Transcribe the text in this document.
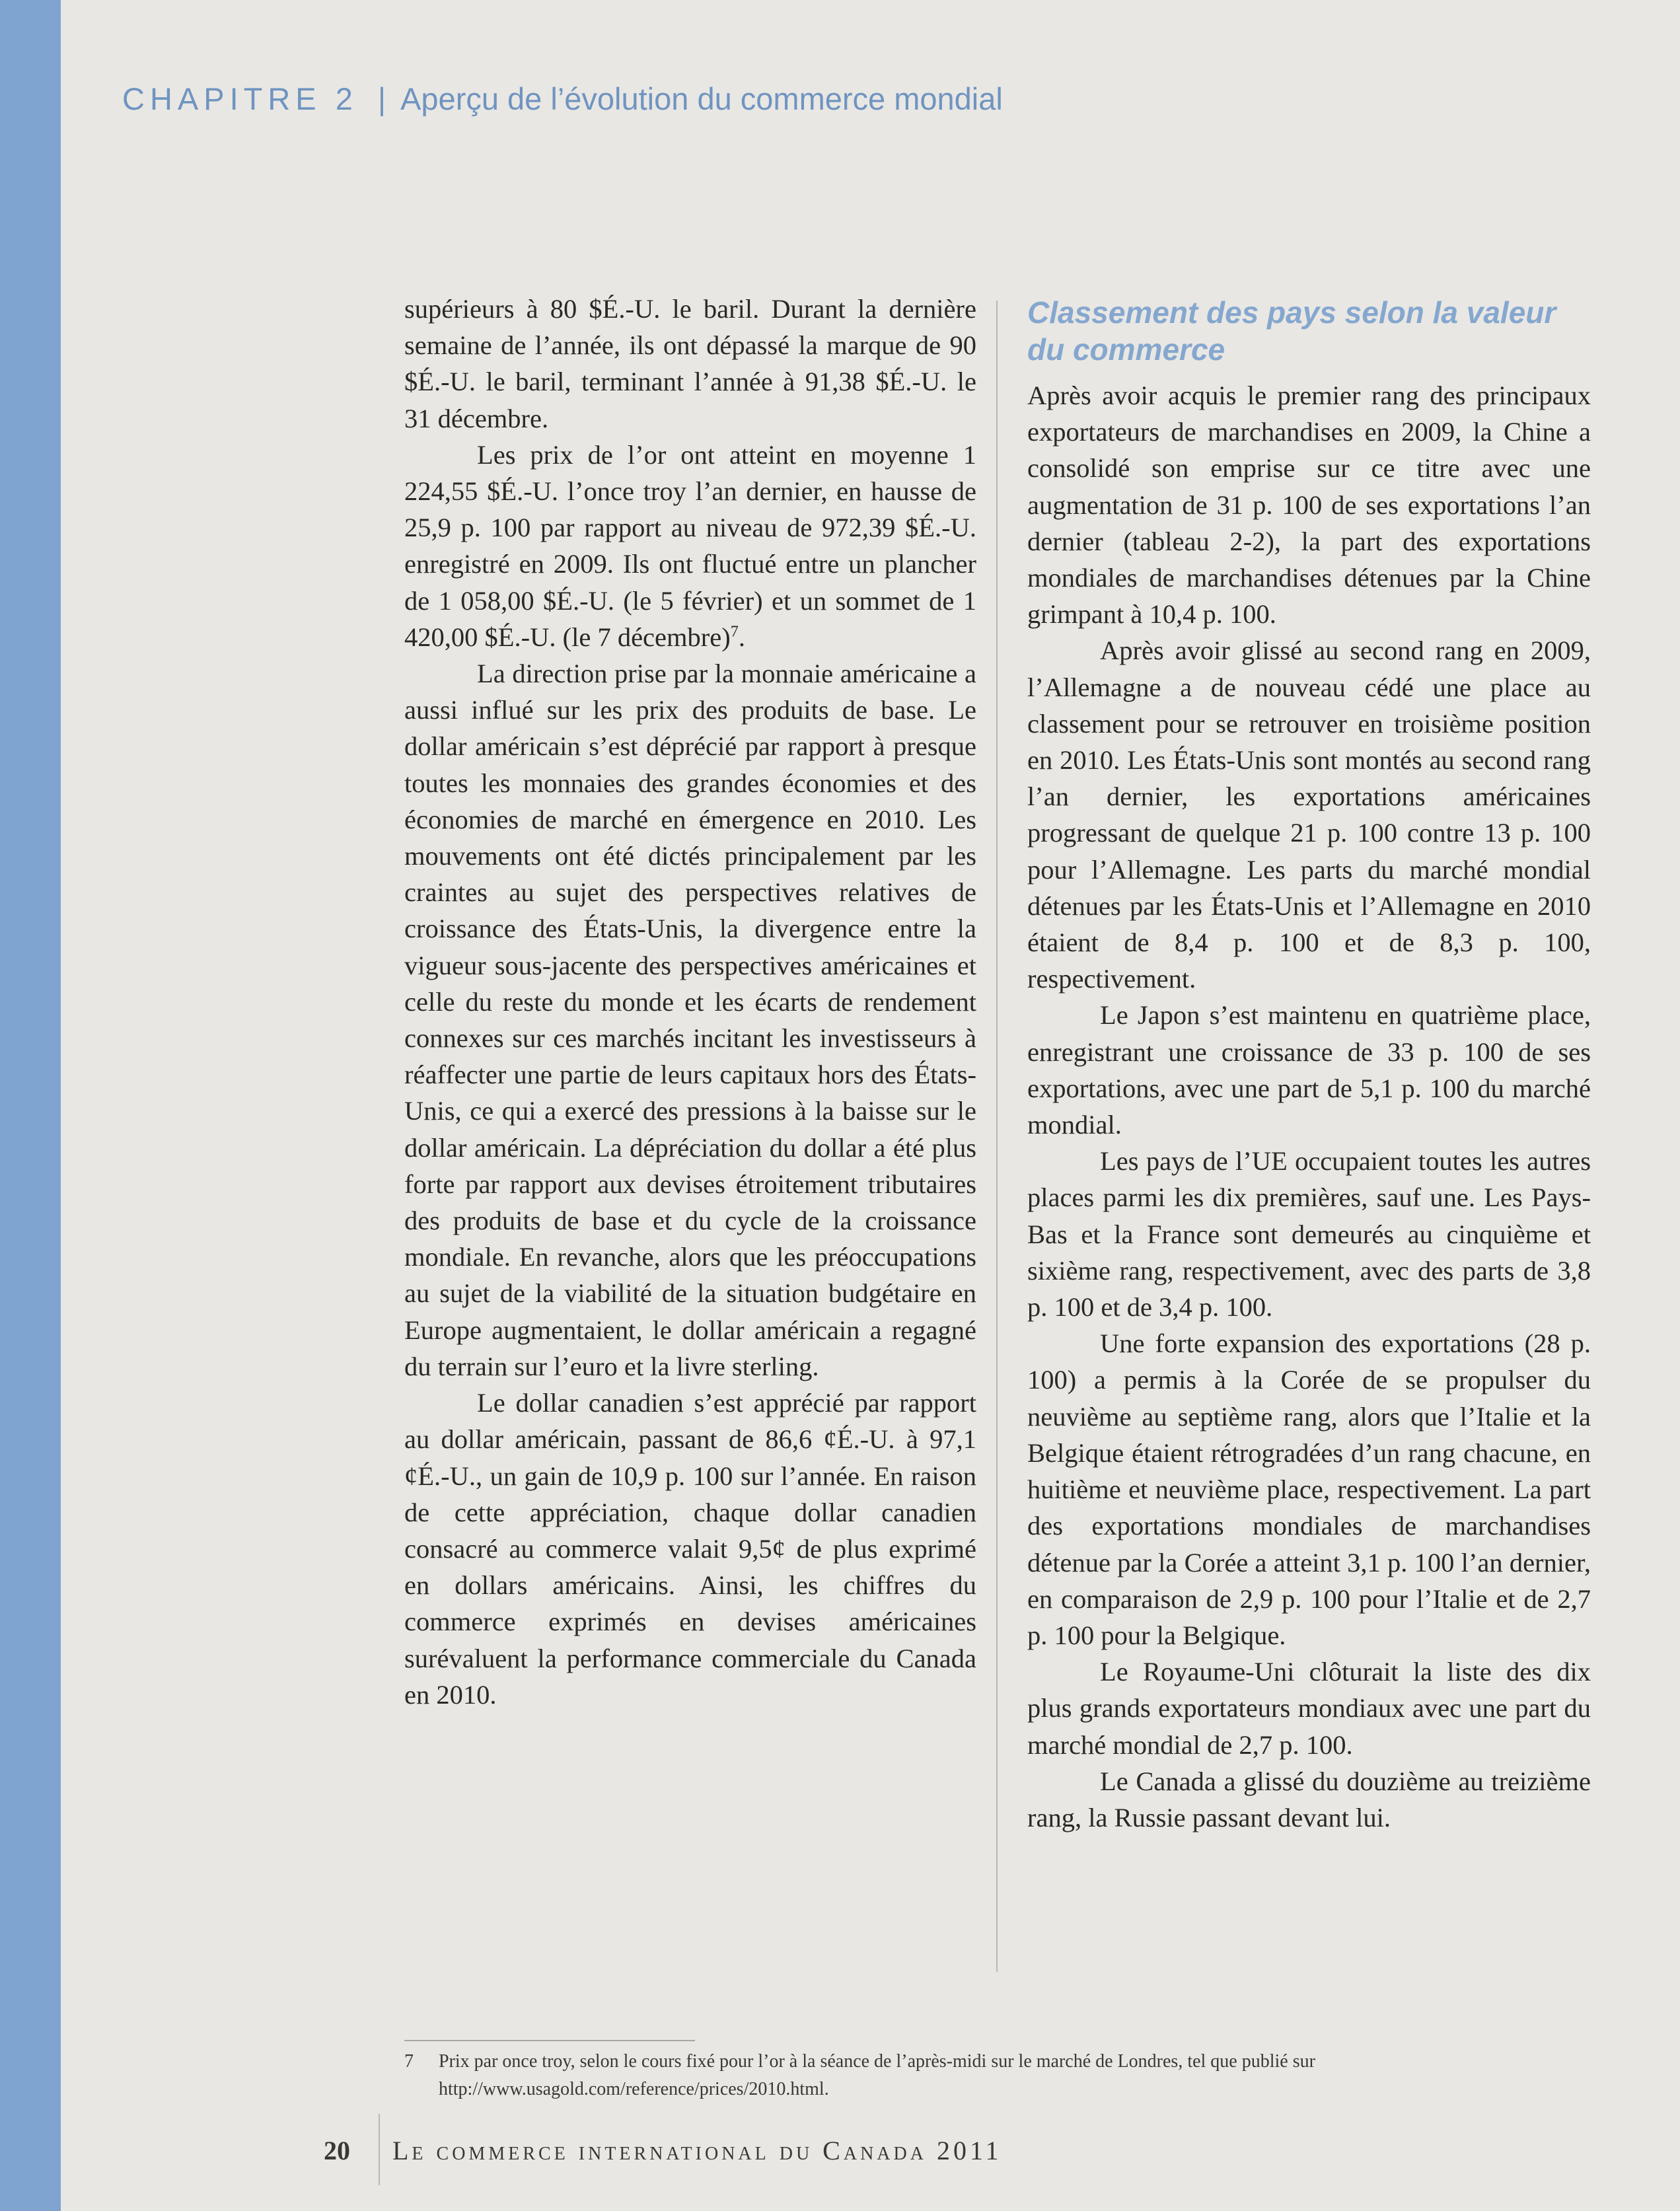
CHAPITRE 2 | Aperçu de l’évolution du commerce mondial

supérieurs à 80 $É.-U. le baril. Durant la dernière semaine de l’année, ils ont dépassé la marque de 90 $É.-U. le baril, terminant l’année à 91,38 $É.-U. le 31 décembre.

Les prix de l’or ont atteint en moyenne 1 224,55 $É.-U. l’once troy l’an dernier, en hausse de 25,9 p. 100 par rapport au niveau de 972,39 $É.-U. enregistré en 2009. Ils ont fluctué entre un plancher de 1 058,00 $É.-U. (le 5 février) et un sommet de 1 420,00 $É.-U. (le 7 décembre)$^7$.

La direction prise par la monnaie américaine a aussi influé sur les prix des produits de base. Le dollar américain s’est déprécié par rapport à presque toutes les monnaies des grandes économies et des économies de marché en émergence en 2010. Les mouvements ont été dictés principalement par les craintes au sujet des perspectives relatives de croissance des États-Unis, la divergence entre la vigueur sous-jacente des perspectives américaines et celle du reste du monde et les écarts de rendement connexes sur ces marchés incitant les investisseurs à réaffecter une partie de leurs capitaux hors des États-Unis, ce qui a exercé des pressions à la baisse sur le dollar américain. La dépréciation du dollar a été plus forte par rapport aux devises étroitement tributaires des produits de base et du cycle de la croissance mondiale. En revanche, alors que les préoccupations au sujet de la viabilité de la situation budgétaire en Europe augmentaient, le dollar américain a regagné du terrain sur l’euro et la livre sterling.

Le dollar canadien s’est apprécié par rapport au dollar américain, passant de 86,6 ¢É.-U. à 97,1 ¢É.-U., un gain de 10,9 p. 100 sur l’année. En raison de cette appréciation, chaque dollar canadien consacré au commerce valait 9,5¢ de plus exprimé en dollars américains. Ainsi, les chiffres du commerce exprimés en devises américaines surévaluent la performance commerciale du Canada en 2010.

Classement des pays selon la valeur du commerce

Après avoir acquis le premier rang des principaux exportateurs de marchandises en 2009, la Chine a consolidé son emprise sur ce titre avec une augmentation de 31 p. 100 de ses exportations l’an dernier (tableau 2-2), la part des exportations mondiales de marchandises détenues par la Chine grimpant à 10,4 p. 100.

Après avoir glissé au second rang en 2009, l’Allemagne a de nouveau cédé une place au classement pour se retrouver en troisième position en 2010. Les États-Unis sont montés au second rang l’an dernier, les exportations américaines progressant de quelque 21 p. 100 contre 13 p. 100 pour l’Allemagne. Les parts du marché mondial détenues par les États-Unis et l’Allemagne en 2010 étaient de 8,4 p. 100 et de 8,3 p. 100, respectivement.

Le Japon s’est maintenu en quatrième place, enregistrant une croissance de 33 p. 100 de ses exportations, avec une part de 5,1 p. 100 du marché mondial.

Les pays de l’UE occupaient toutes les autres places parmi les dix premières, sauf une. Les Pays-Bas et la France sont demeurés au cinquième et sixième rang, respectivement, avec des parts de 3,8 p. 100 et de 3,4 p. 100.

Une forte expansion des exportations (28 p. 100) a permis à la Corée de se propulser du neuvième au septième rang, alors que l’Italie et la Belgique étaient rétrogradées d’un rang chacune, en huitième et neuvième place, respectivement. La part des exportations mondiales de marchandises détenue par la Corée a atteint 3,1 p. 100 l’an dernier, en comparaison de 2,9 p. 100 pour l’Italie et de 2,7 p. 100 pour la Belgique.

Le Royaume-Uni clôturait la liste des dix plus grands exportateurs mondiaux avec une part du marché mondial de 2,7 p. 100.

Le Canada a glissé du douzième au treizième rang, la Russie passant devant lui.

7 Prix par once troy, selon le cours fixé pour l’or à la séance de l’après-midi sur le marché de Londres, tel que publié sur http://www.usagold.com/reference/prices/2010.html.
20 Le commerce international du Canada 2011
